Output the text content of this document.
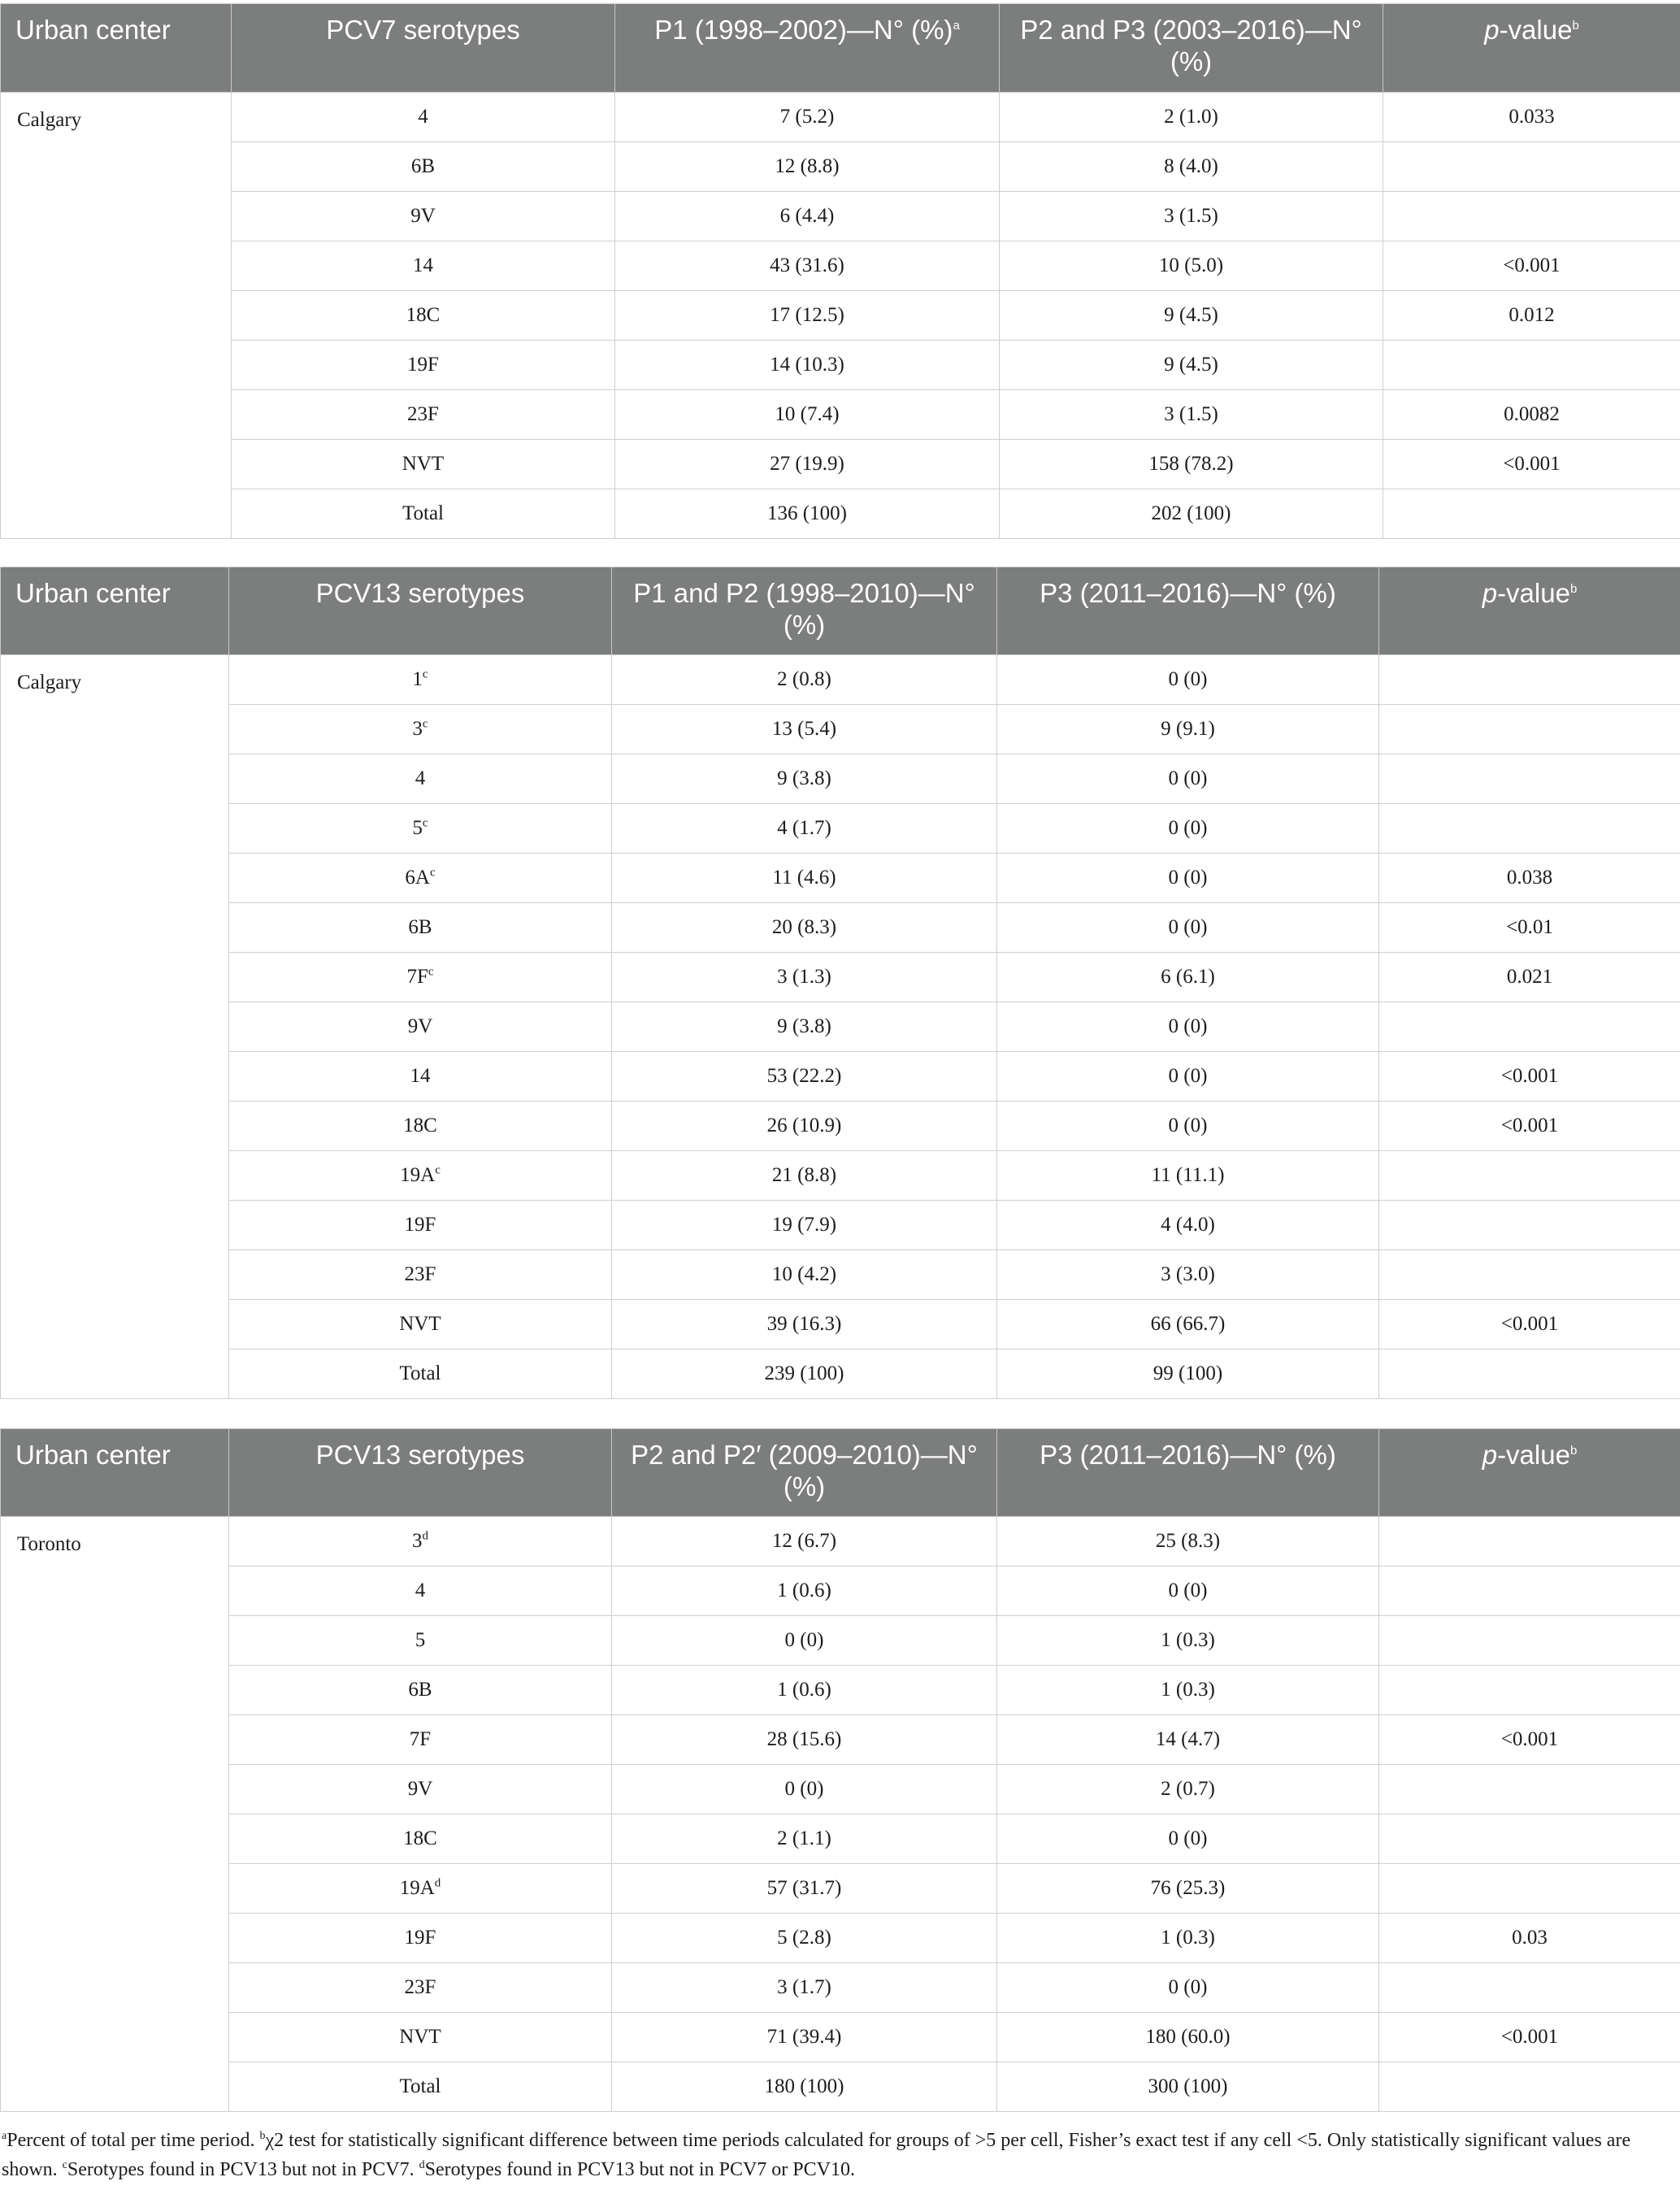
Urban center	PCV7 serotypes	P1 (1998–2002)—N° (%)$^a$	P2 and P3 (2003–2016)—N° (%)	p-value$^b$
Calgary	4	7 (5.2)	2 (1.0)	0.033
	6B	12 (8.8)	8 (4.0)	
	9V	6 (4.4)	3 (1.5)	
	14	43 (31.6)	10 (5.0)	<0.001
	18C	17 (12.5)	9 (4.5)	0.012
	19F	14 (10.3)	9 (4.5)	
	23F	10 (7.4)	3 (1.5)	0.0082
	NVT	27 (19.9)	158 (78.2)	<0.001
	Total	136 (100)	202 (100)	
Urban center	PCV13 serotypes	P1 and P2 (1998–2010)—N° (%)	P3 (2011–2016)—N° (%)	p-value$^b$
Calgary	1$^c$	2 (0.8)	0 (0)	
	3$^c$	13 (5.4)	9 (9.1)	
	4	9 (3.8)	0 (0)	
	5$^c$	4 (1.7)	0 (0)	
	$6A^c$	11 (4.6)	0 (0)	0.038
	6B	20 (8.3)	0 (0)	<0.01
	$7F^c$	3 (1.3)	6 (6.1)	0.021
	9V	9 (3.8)	0 (0)	
	14	53 (22.2)	0 (0)	<0.001
	18C	26 (10.9)	0 (0)	<0.001
	$19A^c$	21 (8.8)	11 (11.1)	
	19F	19 (7.9)	4 (4.0)	
	23F	10 (4.2)	3 (3.0)	
	NVT	39 (16.3)	66 (66.7)	<0.001
	Total	239 (100)	99 (100)	
Urban center	PCV13 serotypes	P2 and P2′ (2009–2010)—N° (%)	P3 (2011–2016)—N° (%)	p-value$^b$
Toronto	3$^d$	12 (6.7)	25 (8.3)	
	4	1 (0.6)	0 (0)	
	5	0 (0)	1 (0.3)	
	6B	1 (0.6)	1 (0.3)	
	7F	28 (15.6)	14 (4.7)	<0.001
	9V	0 (0)	2 (0.7)	
	18C	2 (1.1)	0 (0)	
	$19A^d$	57 (31.7)	76 (25.3)	
	19F	5 (2.8)	1 (0.3)	0.03
	23F	3 (1.7)	0 (0)	
	NVT	71 (39.4)	180 (60.0)	<0.001
	Total	180 (100)	300 (100)	
$^a$Percent of total per time period. $^b$χ2 test for statistically significant difference between time periods calculated for groups of >5 per cell, Fisher’s exact test if any cell <5. Only statistically significant values are shown. $^c$Serotypes found in PCV13 but not in PCV7. $^d$Serotypes found in PCV13 but not in PCV7 or PCV10.
